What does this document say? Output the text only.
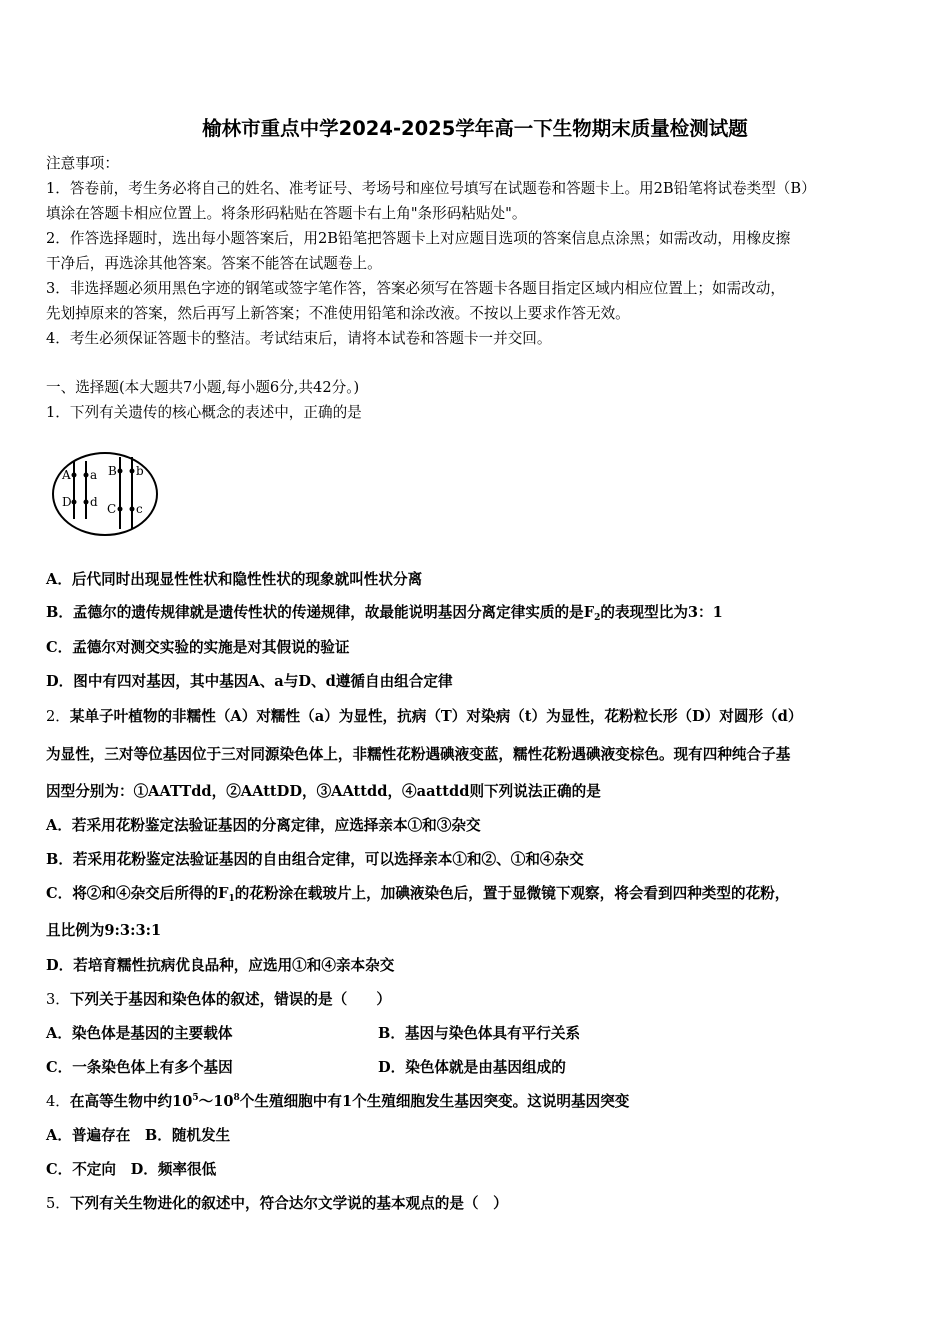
榆林市重点中学2024-2025学年高一下生物期末质量检测试题
注意事项：
1．答卷前，考生务必将自己的姓名、准考证号、考场号和座位号填写在试题卷和答题卡上。用2B铅笔将试卷类型（B）
填涂在答题卡相应位置上。将条形码粘贴在答题卡右上角"条形码粘贴处"。
2．作答选择题时，选出每小题答案后，用2B铅笔把答题卡上对应题目选项的答案信息点涂黑；如需改动，用橡皮擦
干净后，再选涂其他答案。答案不能答在试题卷上。
3．非选择题必须用黑色字迹的钢笔或签字笔作答，答案必须写在答题卡各题目指定区域内相应位置上；如需改动，
先划掉原来的答案，然后再写上新答案；不准使用铅笔和涂改液。不按以上要求作答无效。
4．考生必须保证答题卡的整洁。考试结束后，请将本试卷和答题卡一并交回。
一、选择题(本大题共7小题,每小题6分,共42分。)
1．下列有关遗传的核心概念的表述中，正确的是
A a
D d
B b
C c
A．后代同时出现显性性状和隐性性状的现象就叫性状分离
B．孟德尔的遗传规律就是遗传性状的传递规律，故最能说明基因分离定律实质的是$F_2$的表现型比为3：1
C．孟德尔对测交实验的实施是对其假说的验证
D．图中有四对基因，其中基因A、a与D、d遵循自由组合定律
2．某单子叶植物的非糯性（A）对糯性（a）为显性，抗病（T）对染病（t）为显性，花粉粒长形（D）对圆形（d）
为显性，三对等位基因位于三对同源染色体上，非糯性花粉遇碘液变蓝，糯性花粉遇碘液变棕色。现有四种纯合子基
因型分别为：①AATTdd，②AAttDD，③AAttdd，④aattdd则下列说法正确的是
A．若采用花粉鉴定法验证基因的分离定律，应选择亲本①和③杂交
B．若采用花粉鉴定法验证基因的自由组合定律，可以选择亲本①和②、①和④杂交
C．将②和④杂交后所得的$F_1$的花粉涂在载玻片上，加碘液染色后，置于显微镜下观察，将会看到四种类型的花粉，
且比例为9:3:3:1
D．若培育糯性抗病优良品种，应选用①和④亲本杂交
3．下列关于基因和染色体的叙述，错误的是（　　）
A．染色体是基因的主要载体	B．基因与染色体具有平行关系
C．一条染色体上有多个基因	D．染色体就是由基因组成的
4．在高等生物中约$10^5\sim 10^8$个生殖细胞中有1个生殖细胞发生基因突变。这说明基因突变
A．普遍存在　B．随机发生
C．不定向　D．频率很低
5．下列有关生物进化的叙述中，符合达尔文学说的基本观点的是（　）
